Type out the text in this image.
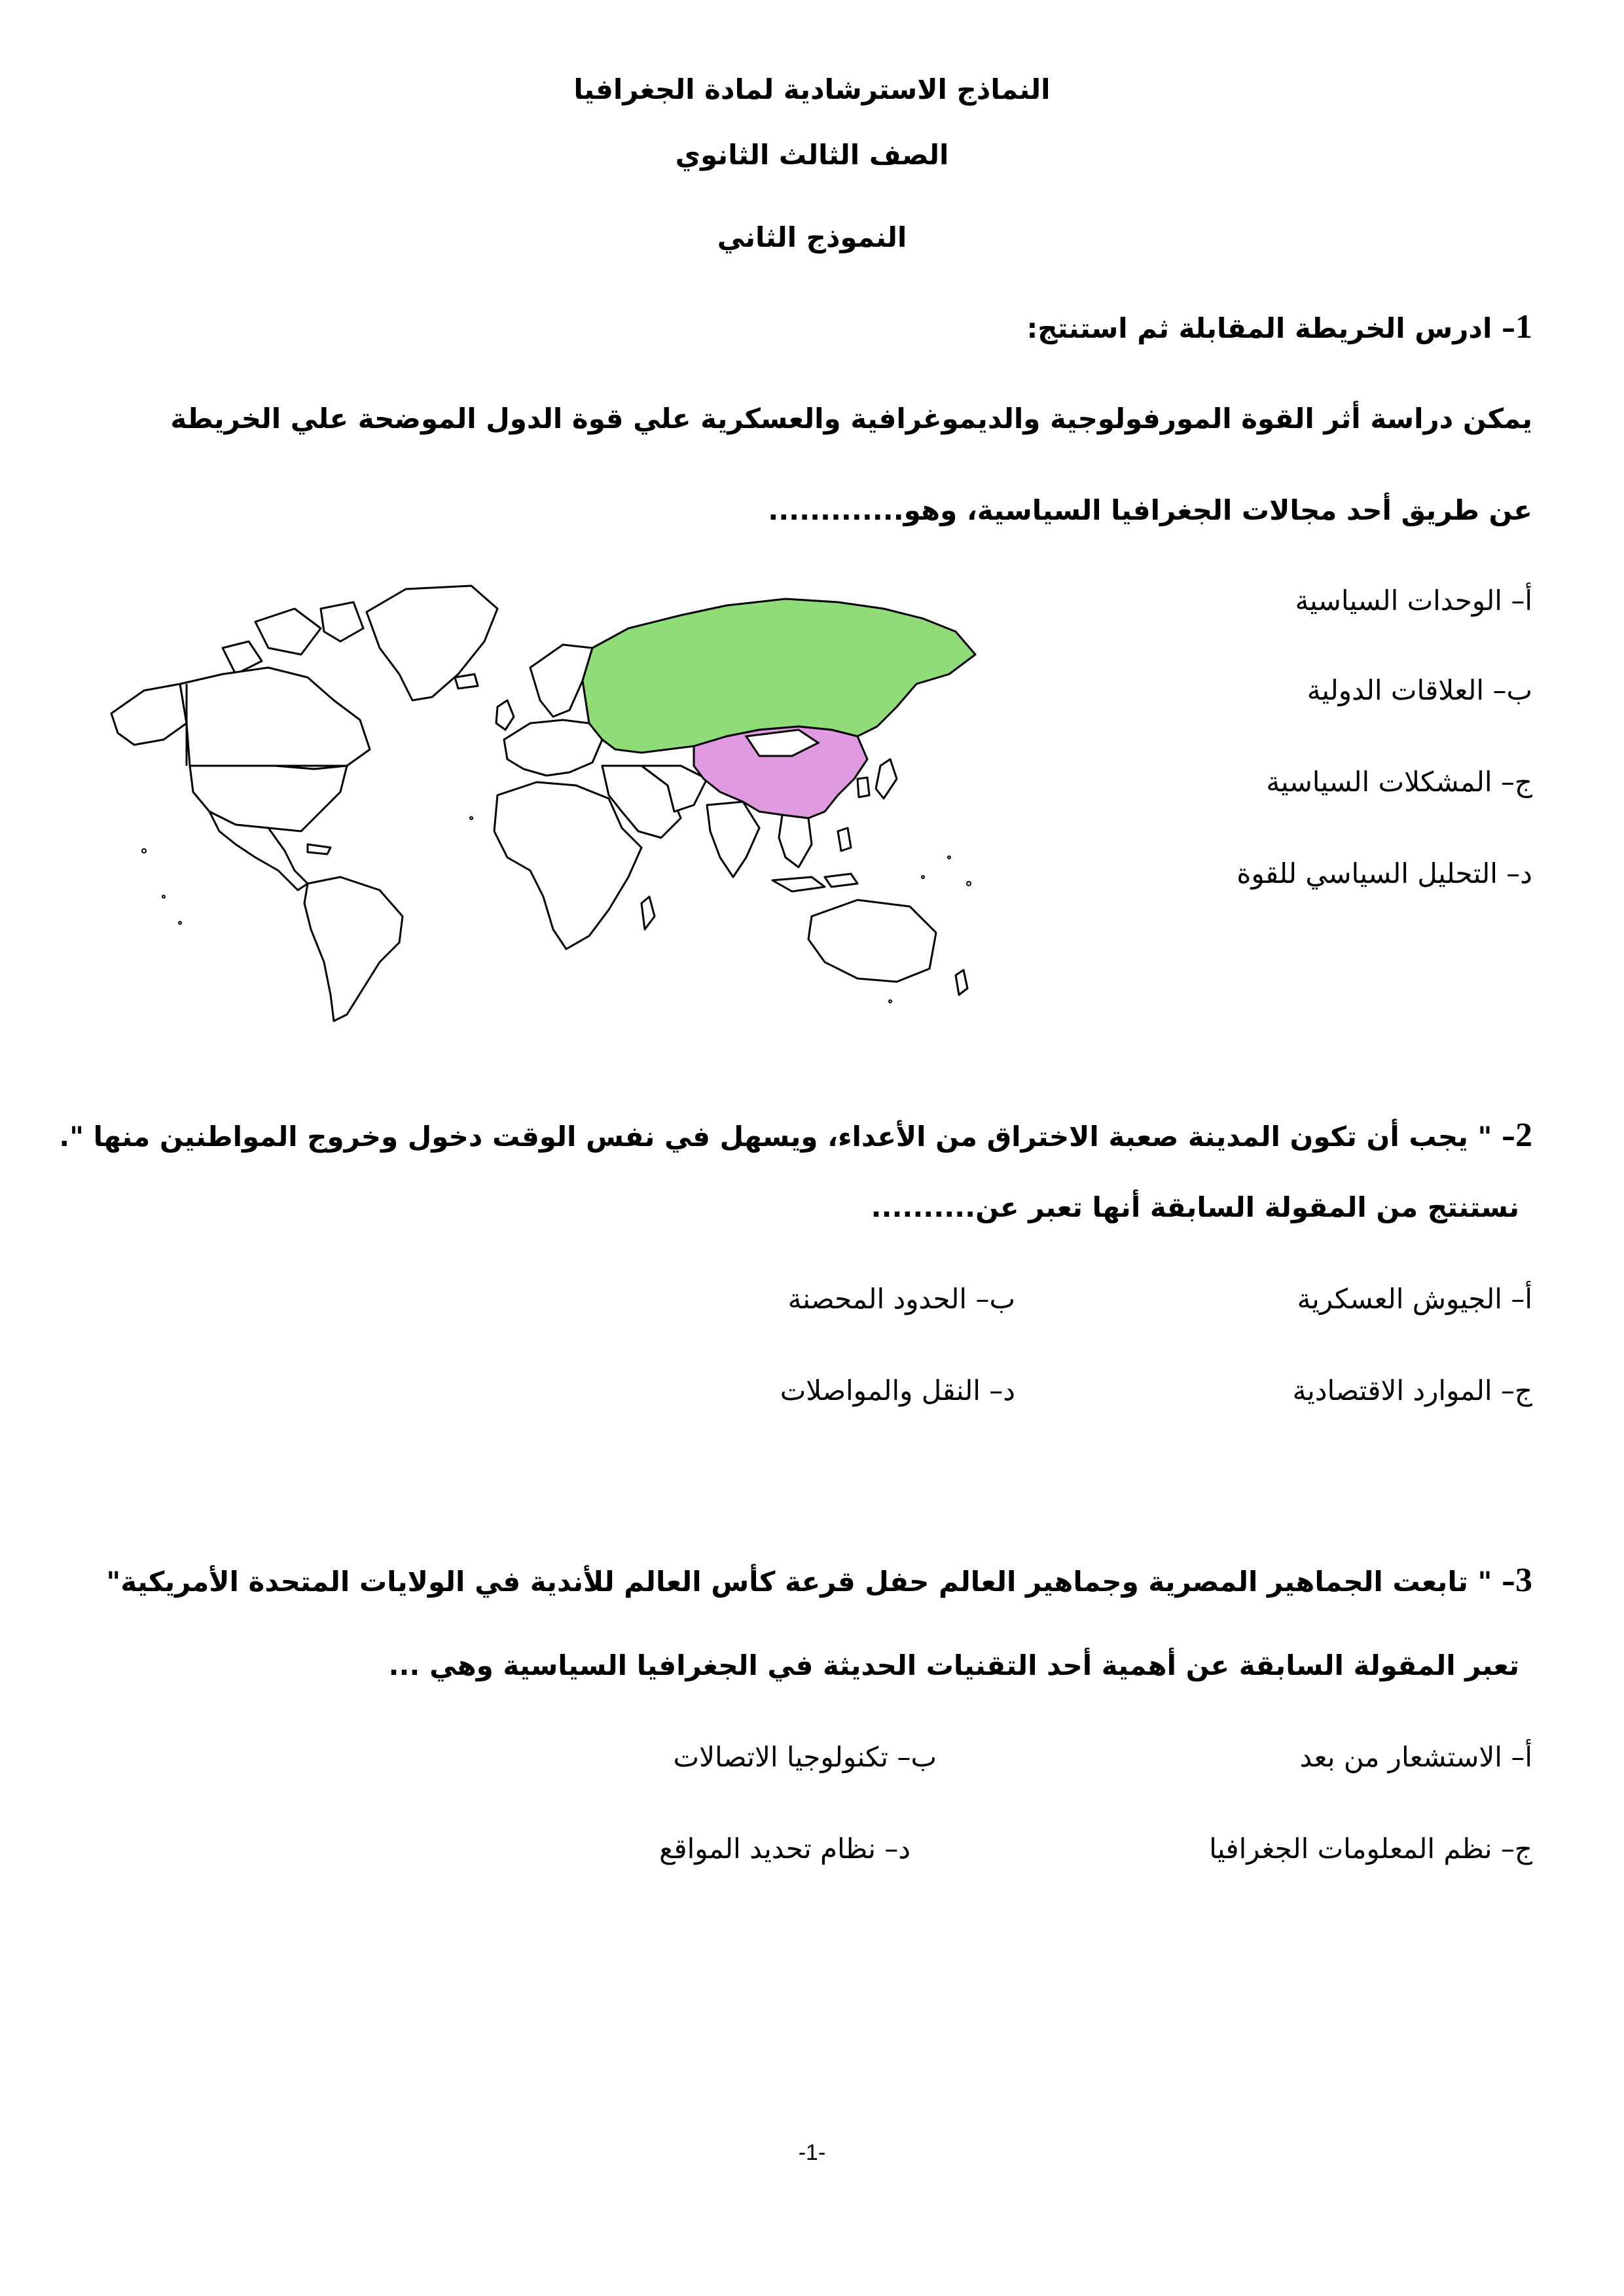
النماذج الاسترشادية لمادة الجغرافيا
الصف الثالث الثانوي
النموذج الثاني
1– ادرس الخريطة المقابلة ثم استنتج:
يمكن دراسة أثر القوة المورفولوجية والديموغرافية والعسكرية علي قوة الدول الموضحة علي الخريطة
عن طريق أحد مجالات الجغرافيا السياسية، وهو.............
أ– الوحدات السياسية
ب– العلاقات الدولية
ج– المشكلات السياسية
د– التحليل السياسي للقوة
2– " يجب أن تكون المدينة صعبة الاختراق من الأعداء، ويسهل في نفس الوقت دخول وخروج المواطنين منها ".
نستنتج من المقولة السابقة أنها تعبر عن..........
أ– الجيوش العسكرية
ب– الحدود المحصنة
ج– الموارد الاقتصادية
د– النقل والمواصلات
3– " تابعت الجماهير المصرية وجماهير العالم حفل قرعة كأس العالم للأندية في الولايات المتحدة الأمريكية"
تعبر المقولة السابقة عن أهمية أحد التقنيات الحديثة في الجغرافيا السياسية وهي ...
أ– الاستشعار من بعد
ب– تكنولوجيا الاتصالات
ج– نظم المعلومات الجغرافيا
د– نظام تحديد المواقع
-1-
